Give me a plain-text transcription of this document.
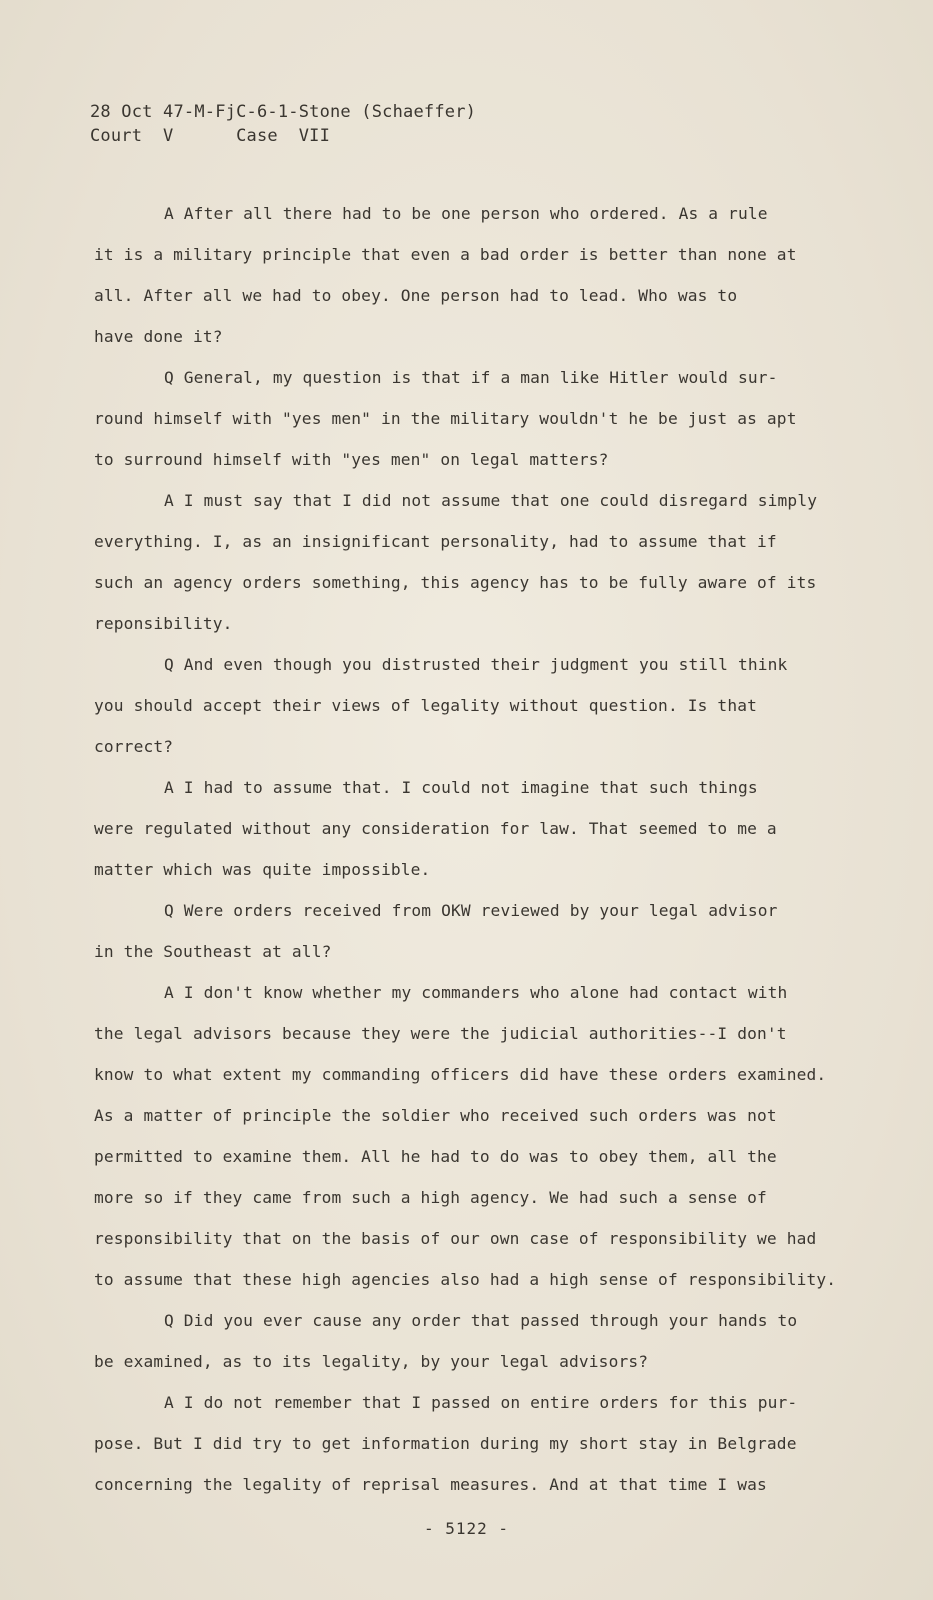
28 Oct 47-M-FjC-6-1-Stone (Schaeffer)
Court  V      Case  VII
A After all there had to be one person who ordered. As a rule
it is a military principle that even a bad order is better than none at
all. After all we had to obey. One person had to lead. Who was to
have done it?
Q General, my question is that if a man like Hitler would sur-
round himself with "yes men" in the military wouldn't he be just as apt
to surround himself with "yes men" on legal matters?
A I must say that I did not assume that one could disregard simply
everything. I, as an insignificant personality, had to assume that if
such an agency orders something, this agency has to be fully aware of its
reponsibility.
Q And even though you distrusted their judgment you still think
you should accept their views of legality without question. Is that
correct?
A I had to assume that. I could not imagine that such things
were regulated without any consideration for law. That seemed to me a
matter which was quite impossible.
Q Were orders received from OKW reviewed by your legal advisor
in the Southeast at all?
A I don't know whether my commanders who alone had contact with
the legal advisors because they were the judicial authorities--I don't
know to what extent my commanding officers did have these orders examined.
As a matter of principle the soldier who received such orders was not
permitted to examine them. All he had to do was to obey them, all the
more so if they came from such a high agency. We had such a sense of
responsibility that on the basis of our own case of responsibility we had
to assume that these high agencies also had a high sense of responsibility.
Q Did you ever cause any order that passed through your hands to
be examined, as to its legality, by your legal advisors?
A I do not remember that I passed on entire orders for this pur-
pose. But I did try to get information during my short stay in Belgrade
concerning the legality of reprisal measures. And at that time I was
- 5122 -
